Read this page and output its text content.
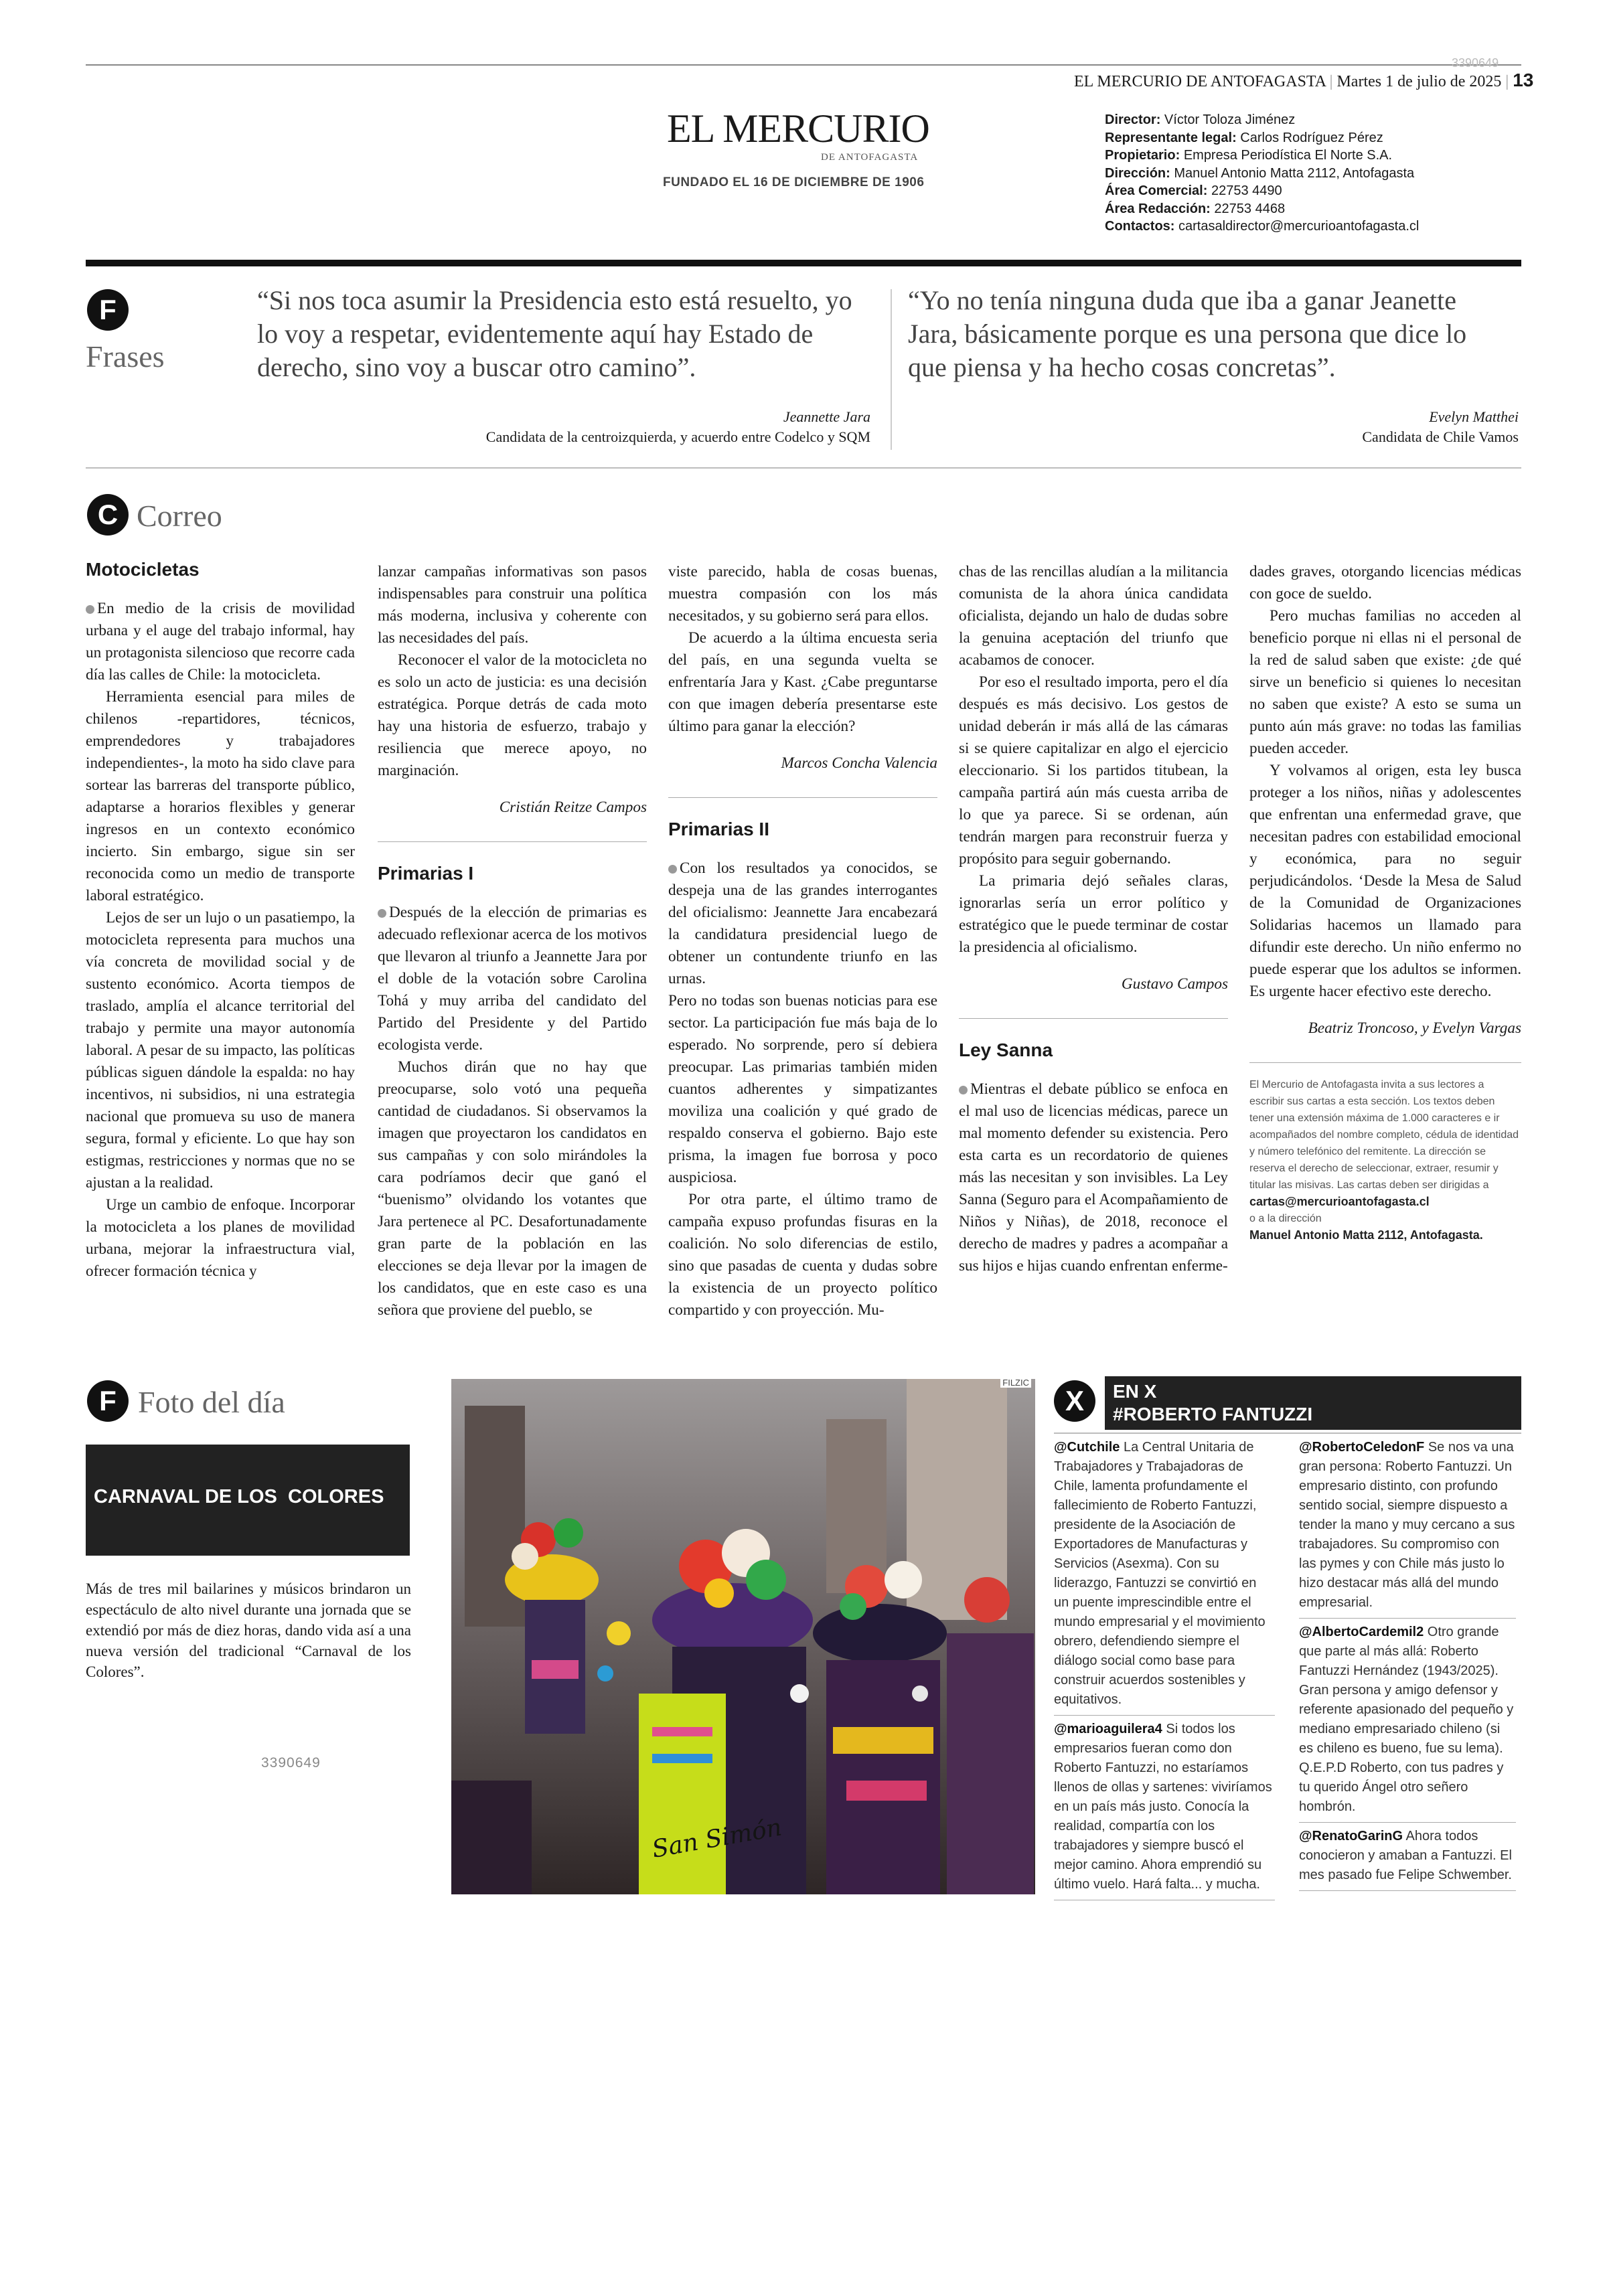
3390649
EL MERCURIO DE ANTOFAGASTA | Martes 1 de julio de 2025 | 13
EL MERCURIO
DE ANTOFAGASTA
FUNDADO EL 16 DE DICIEMBRE DE 1906
Director: Víctor Toloza Jiménez
Representante legal: Carlos Rodríguez Pérez
Propietario: Empresa Periodística El Norte S.A.
Dirección: Manuel Antonio Matta 2112, Antofagasta
Área Comercial: 22753 4490
Área Redacción: 22753 4468
Contactos: cartasaldirector@mercurioantofagasta.cl
F
Frases
“Si nos toca asumir la Presidencia esto está resuelto, yo lo voy a respetar, evidentemente aquí hay Estado de derecho, sino voy a buscar otro camino”.
Jeannette Jara
Candidata de la centroizquierda, y acuerdo entre Codelco y SQM
“Yo no tenía ninguna duda que iba a ganar Jeanette Jara, básicamente porque es una persona que dice lo que piensa y ha hecho cosas concretas”.
Evelyn Matthei
Candidata de Chile Vamos
C Correo
Motocicletas

En medio de la crisis de movilidad urbana y el auge del trabajo informal, hay un protagonista silencioso que recorre cada día las calles de Chile: la motocicleta.

Herramienta esencial para miles de chilenos -repartidores, técnicos, emprendedores y trabajadores independientes-, la moto ha sido clave para sortear las barreras del transporte público, adaptarse a horarios flexibles y generar ingresos en un contexto económico incierto. Sin embargo, sigue sin ser reconocida como un medio de transporte laboral estratégico.

Lejos de ser un lujo o un pasatiempo, la motocicleta representa para muchos una vía concreta de movilidad social y de sustento económico. Acorta tiempos de traslado, amplía el alcance territorial del trabajo y permite una mayor autonomía laboral. A pesar de su impacto, las políticas públicas siguen dándole la espalda: no hay incentivos, ni subsidios, ni una estrategia nacional que promueva su uso de manera segura, formal y eficiente. Lo que hay son estigmas, restricciones y normas que no se ajustan a la realidad.

Urge un cambio de enfoque. Incorporar la motocicleta a los planes de movilidad urbana, mejorar la infraestructura vial, ofrecer formación técnica y

lanzar campañas informativas son pasos indispensables para construir una política más moderna, inclusiva y coherente con las necesidades del país.

Reconocer el valor de la motocicleta no es solo un acto de justicia: es una decisión estratégica. Porque detrás de cada moto hay una historia de esfuerzo, trabajo y resiliencia que merece apoyo, no marginación.

Cristián Reitze Campos

Primarias I

Después de la elección de primarias es adecuado reflexionar acerca de los motivos que llevaron al triunfo a Jeannette Jara por el doble de la votación sobre Carolina Tohá y muy arriba del candidato del Partido del Presidente y del Partido ecologista verde.

Muchos dirán que no hay que preocuparse, solo votó una pequeña cantidad de ciudadanos. Si observamos la imagen que proyectaron los candidatos en sus campañas y con solo mirándoles la cara podríamos decir que ganó el “buenismo” olvidando los votantes que Jara pertenece al PC. Desafortunadamente gran parte de la población en las elecciones se deja llevar por la imagen de los candidatos, que en este caso es una señora que proviene del pueblo, se

viste parecido, habla de cosas buenas, muestra compasión con los más necesitados, y su gobierno será para ellos.

De acuerdo a la última encuesta seria del país, en una segunda vuelta se enfrentaría Jara y Kast. ¿Cabe preguntarse con que imagen debería presentarse este último para ganar la elección?

Marcos Concha Valencia

Primarias II

Con los resultados ya conocidos, se despeja una de las grandes interrogantes del oficialismo: Jeannette Jara encabezará la candidatura presidencial luego de obtener un contundente triunfo en las urnas.

Pero no todas son buenas noticias para ese sector. La participación fue más baja de lo esperado. No sorprende, pero sí debiera preocupar. Las primarias también miden cuantos adherentes y simpatizantes moviliza una coalición y qué grado de respaldo conserva el gobierno. Bajo este prisma, la imagen fue borrosa y poco auspiciosa.

Por otra parte, el último tramo de campaña expuso profundas fisuras en la coalición. No solo diferencias de estilo, sino que pasadas de cuenta y dudas sobre la existencia de un proyecto político compartido y con proyección. Mu-

chas de las rencillas aludían a la militancia comunista de la ahora única candidata oficialista, dejando un halo de dudas sobre la genuina aceptación del triunfo que acabamos de conocer.

Por eso el resultado importa, pero el día después es más decisivo. Los gestos de unidad deberán ir más allá de las cámaras si se quiere capitalizar en algo el ejercicio eleccionario. Si los partidos titubean, la campaña partirá aún más cuesta arriba de lo que ya parece. Si se ordenan, aún tendrán margen para reconstruir fuerza y propósito para seguir gobernando.

La primaria dejó señales claras, ignorarlas sería un error político y estratégico que le puede terminar de costar la presidencia al oficialismo.

Gustavo Campos

Ley Sanna

Mientras el debate público se enfoca en el mal uso de licencias médicas, parece un mal momento defender su existencia. Pero esta carta es un recordatorio de quienes más las necesitan y son invisibles. La Ley Sanna (Seguro para el Acompañamiento de Niños y Niñas), de 2018, reconoce el derecho de madres y padres a acompañar a sus hijos e hijas cuando enfrentan enferme-

dades graves, otorgando licencias médicas con goce de sueldo.

Pero muchas familias no acceden al beneficio porque ni ellas ni el personal de la red de salud saben que existe: ¿de qué sirve un beneficio si quienes lo necesitan no saben que existe? A esto se suma un punto aún más grave: no todas las familias pueden acceder.

Y volvamos al origen, esta ley busca proteger a los niños, niñas y adolescentes que enfrentan una enfermedad grave, que necesitan padres con estabilidad emocional y económica, para no seguir perjudicándolos. ‘Desde la Mesa de Salud de la Comunidad de Organizaciones Solidarias hacemos un llamado para difundir este derecho. Un niño enfermo no puede esperar que los adultos se informen. Es urgente hacer efectivo este derecho.

Beatriz Troncoso, y Evelyn Vargas

El Mercurio de Antofagasta invita a sus lectores a escribir sus cartas a esta sección. Los textos deben tener una extensión máxima de 1.000 caracteres e ir acompañados del nombre completo, cédula de identidad y número telefónico del remitente. La dirección se reserva el derecho de seleccionar, extraer, resumir y titular las misivas. Las cartas deben ser dirigidas a
cartas@mercurioantofagasta.cl
o a la dirección
Manuel Antonio Matta 2112, Antofagasta.
F Foto del día
CARNAVAL DE LOS  COLORES
Más de tres mil bailarines y músicos brindaron un espectáculo de alto nivel durante una jornada que se extendió por más de diez horas, dando vida así a una nueva versión del tradicional “Carnaval de los Colores”.
3390649
San Simón
FILZIC
X	EN X
#ROBERTO FANTUZZI
@Cutchile La Central Unitaria de Trabajadores y Trabajadoras de Chile, lamenta profundamente el fallecimiento de Roberto Fantuzzi, presidente de la Asociación de Exportadores de Manufacturas y Servicios (Asexma). Con su liderazgo, Fantuzzi se convirtió en un puente imprescindible entre el mundo empresarial y el movimiento obrero, defendiendo siempre el diálogo social como base para construir acuerdos sostenibles y equitativos.
@marioaguilera4 Si todos los empresarios fueran como don Roberto Fantuzzi, no estaríamos llenos de ollas y sartenes: viviríamos en un país más justo. Conocía la realidad, compartía con los trabajadores y siempre buscó el mejor camino. Ahora emprendió su último vuelo. Hará falta... y mucha.
@RobertoCeledonF Se nos va una gran persona: Roberto Fantuzzi. Un empresario distinto, con profundo sentido social, siempre dispuesto a tender la mano y muy cercano a sus trabajadores. Su compromiso con las pymes y con Chile más justo lo hizo destacar más allá del mundo empresarial.
@AlbertoCardemil2 Otro grande que parte al más allá: Roberto Fantuzzi Hernández (1943/2025). Gran persona y amigo defensor y referente apasionado del pequeño y mediano empresariado chileno (si es chileno es bueno, fue su lema). Q.E.P.D Roberto, con tus padres y tu querido Ángel otro señero hombrón.
@RenatoGarinG Ahora todos conocieron y amaban a Fantuzzi. El mes pasado fue Felipe Schwember.
